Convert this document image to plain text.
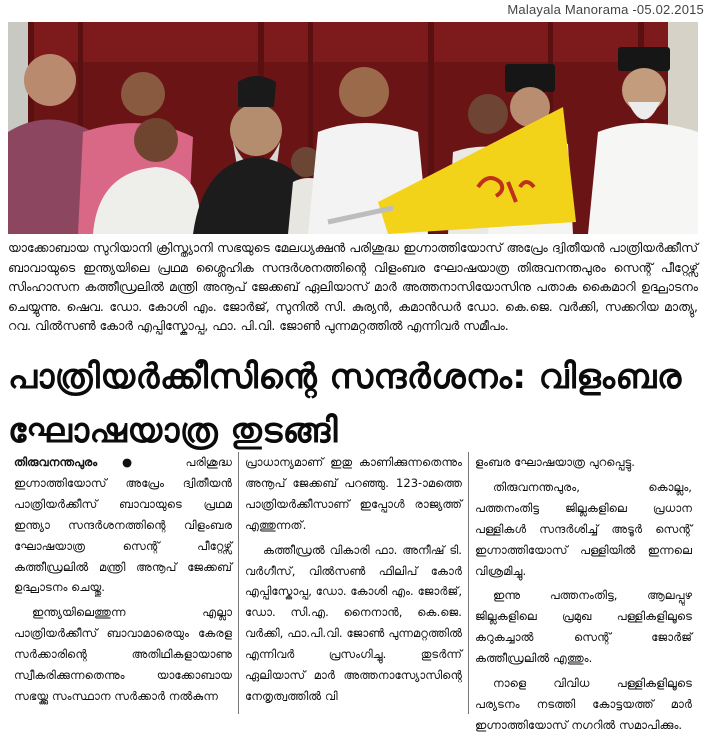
Malayala Manorama -05.02.2015
യാക്കോബായ സുറിയാനി ക്രിസ്ത്യാനി സഭയുടെ മേലധ്യക്ഷൻ പരിശുദ്ധ ഇഗ്നാത്തിയോസ് അപ്രേം ദ്വിതീയൻ പാത്രിയർക്കീസ് ബാവായുടെ ഇന്ത്യയിലെ പ്രഥമ ശ്ലൈഹിക സന്ദർശനത്തിന്റെ വിളംബര ഘോഷയാത്ര തിരുവനന്തപുരം സെന്റ് പീറ്റേഴ്സ് സിംഹാസന കത്തീഡ്രലിൽ മന്ത്രി അനൂപ് ജേക്കബ് ഏലിയാസ് മാർ അത്തനാസിയോസിനു പതാക കൈമാറി ഉദ്ഘാടനം ചെയ്യുന്നു. ഷെവ. ഡോ. കോശി എം. ജോർജ്, സുനിൽ സി. കുര്യൻ, കമാൻഡർ ഡോ. കെ.ജെ. വർക്കി, സക്കറിയ മാത്യു, റവ. വിൽസൺ കോർ എപ്പിസ്കോപ്പ, ഫാ. പി.വി. ജോൺ പുന്നമറ്റത്തിൽ എന്നിവർ സമീപം.
പാത്രിയർക്കീസിന്റെ സന്ദർശനം: വിളംബര ഘോഷയാത്ര തുടങ്ങി

തിരുവനന്തപുരം● പരിശുദ്ധ ഇഗ്നാത്തിയോസ് അപ്രേം ദ്വിതീയൻ പാത്രിയർക്കീസ് ബാവായുടെ പ്രഥമ ഇന്ത്യാ സന്ദർശനത്തിന്റെ വിളംബര ഘോഷയാത്ര സെന്റ് പീറ്റേഴ്സ് കത്തീഡ്രലിൽ മന്ത്രി അനൂപ് ജേക്കബ് ഉദ്ഘാടനം ചെയ്തു.

ഇന്ത്യയിലെത്തുന്ന എല്ലാ പാത്രിയർക്കീസ് ബാവാമാരെയും കേരള സർക്കാരിന്റെ അതിഥികളായാണു സ്വീകരിക്കുന്നതെന്നും യാക്കോബായ സഭയ്ക്കു സംസ്ഥാന സർക്കാർ നൽകുന്ന

പ്രാധാന്യമാണ് ഇതു കാണിക്കുന്നതെന്നും അനൂപ് ജേക്കബ് പറഞ്ഞു. 123-ാമത്തെ പാത്രിയർക്കീസാണ് ഇപ്പോൾ രാജ്യത്ത് എത്തുന്നത്.

കത്തീഡ്രൽ വികാരി ഫാ. അനീഷ് ടി. വർഗീസ്, വിൽസൺ ഫിലിപ് കോർ എപ്പിസ്കോപ്പ, ഡോ. കോശി എം. ജോർജ്, ഡോ. സി.എ. നൈനാൻ, കെ.ജെ. വർക്കി, ഫാ.പി.വി. ജോൺ പുന്നമറ്റത്തിൽ എന്നിവർ പ്രസംഗിച്ചു. തുടർന്ന് ഏലിയാസ് മാർ അത്തനാസ്യോസിന്റെ നേതൃത്വത്തിൽ വി

ളംബര ഘോഷയാത്ര പുറപ്പെട്ടു.

തിരുവനന്തപുരം, കൊല്ലം, പത്തനംതിട്ട ജില്ലകളിലെ പ്രധാന പള്ളികൾ സന്ദർശിച്ച് അടൂർ സെന്റ് ഇഗ്നാത്തിയോസ് പള്ളിയിൽ ഇന്നലെ വിശ്രമിച്ചു.

ഇന്നു പത്തനംതിട്ട, ആലപ്പുഴ ജില്ലകളിലെ പ്രമുഖ പള്ളികളിലൂടെ കറുകച്ചാൽ സെന്റ് ജോർജ് കത്തീഡ്രലിൽ എത്തും.

നാളെ വിവിധ പള്ളികളിലൂടെ പര്യടനം നടത്തി കോട്ടയത്ത് മാർ ഇഗ്നാത്തിയോസ് നഗറിൽ സമാപിക്കും.
